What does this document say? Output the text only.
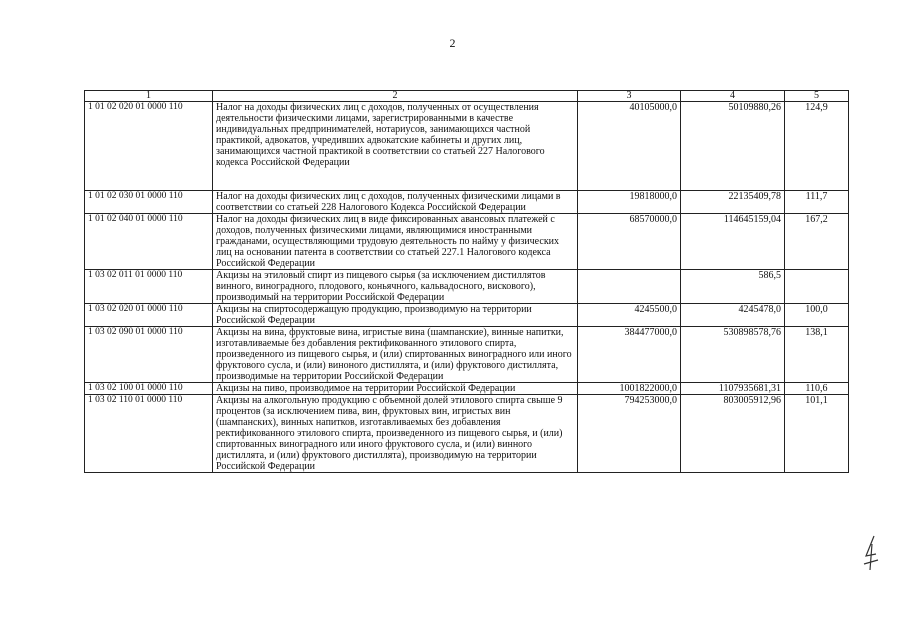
2
1	2	3	4	5
1 01 02 020 01 0000 110	Налог на доходы физических лиц с доходов, полученных от осуществления деятельности физическими лицами, зарегистрированными в качестве индивидуальных предпринимателей, нотариусов, занимающихся частной практикой, адвокатов, учредивших адвокатские кабинеты и других лиц, занимающихся частной практикой в соответствии со статьей 227 Налогового кодекса Российской Федерации	40105000,0	50109880,26	124,9
1 01 02 030 01 0000 110	Налог на доходы физических лиц с доходов, полученных физическими лицами в соответствии со статьей 228 Налогового Кодекса Российской Федерации	19818000,0	22135409,78	111,7
1 01 02 040 01 0000 110	Налог на доходы физических лиц в виде фиксированных авансовых платежей с доходов, полученных физическими лицами, являющимися иностранными гражданами, осуществляющими трудовую деятельность по найму у физических лиц на основании патента в соответствии со статьей 227.1 Налогового кодекса Российской Федерации	68570000,0	114645159,04	167,2
1 03 02 011 01 0000 110	Акцизы на этиловый спирт из пищевого сырья (за исключением дистиллятов винного, виноградного, плодового, коньячного, кальвадосного, вискового), производимый на территории Российской Федерации		586,5	
1 03 02 020 01 0000 110	Акцизы на спиртосодержащую продукцию, производимую на территории Российской Федерации	4245500,0	4245478,0	100,0
1 03 02 090 01 0000 110	Акцизы на вина, фруктовые вина, игристые вина (шампанские), винные напитки, изготавливаемые без добавления ректификованного этилового спирта, произведенного из пищевого сырья, и (или) спиртованных виноградного или иного фруктового сусла, и (или) виноного дистиллята, и (или) фруктового дистиллята, производимые на территории Российской Федерации	384477000,0	530898578,76	138,1
1 03 02 100 01 0000 110	Акцизы на пиво, производимое на территории Российской Федерации	1001822000,0	1107935681,31	110,6
1 03 02 110 01 0000 110	Акцизы на алкогольную продукцию с объемной долей этилового спирта свыше 9 процентов (за исключением пива, вин, фруктовых вин, игристых вин (шампанских), винных напитков, изготавливаемых без добавления ректификованного этилового спирта, произведенного из пищевого сырья, и (или) спиртованных виноградного или иного фруктового сусла, и (или) винного дистиллята, и (или) фруктового дистиллята), производимую на территории Российской Федерации	794253000,0	803005912,96	101,1
